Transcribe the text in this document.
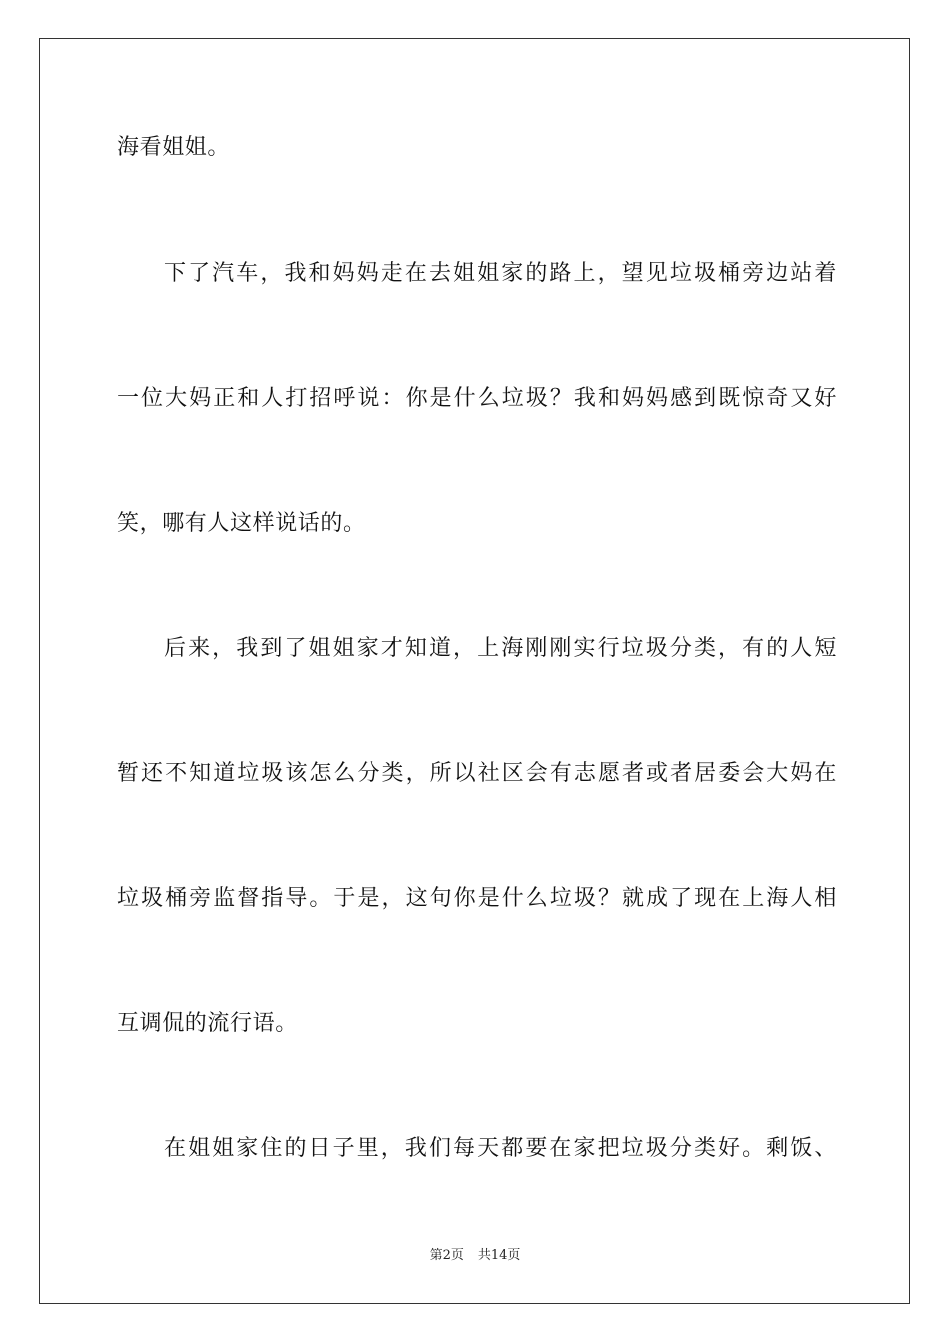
海看姐姐。
下了汽车，我和妈妈走在去姐姐家的路上，望见垃圾桶旁边站着
一位大妈正和人打招呼说：你是什么垃圾？我和妈妈感到既惊奇又好
笑，哪有人这样说话的。
后来，我到了姐姐家才知道，上海刚刚实行垃圾分类，有的人短
暂还不知道垃圾该怎么分类，所以社区会有志愿者或者居委会大妈在
垃圾桶旁监督指导。于是，这句你是什么垃圾？就成了现在上海人相
互调侃的流行语。
在姐姐家住的日子里，我们每天都要在家把垃圾分类好。剩饭、
第2页 共14页
